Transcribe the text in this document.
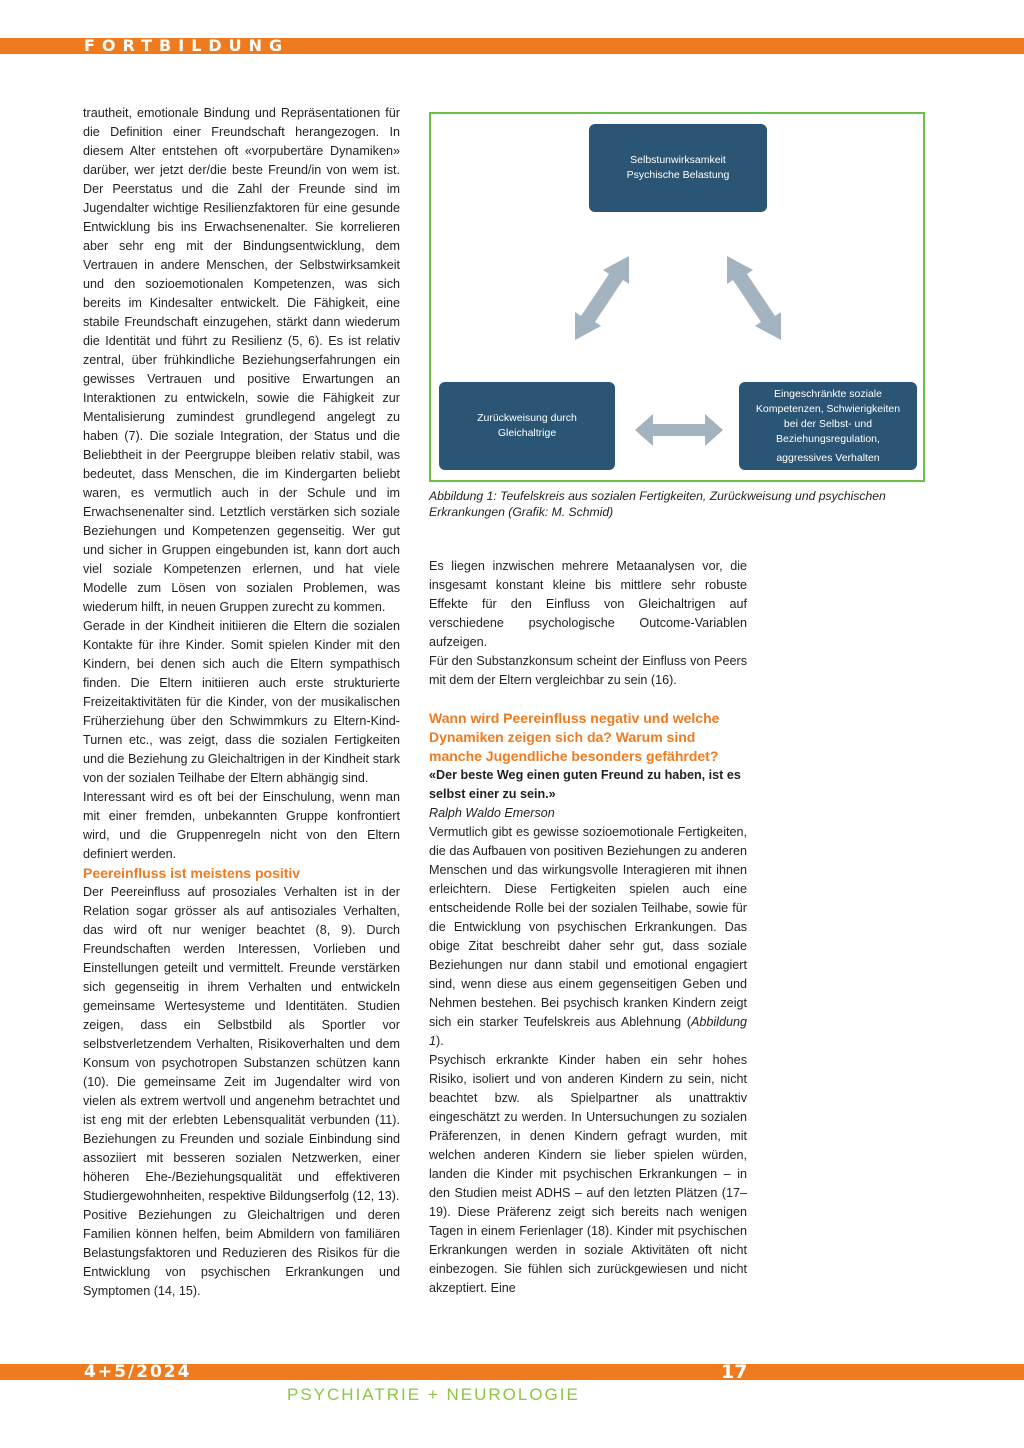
FORTBILDUNG

trautheit, emotionale Bindung und Repräsentationen für die Definition einer Freundschaft herangezogen. In diesem Alter entstehen oft «vorpubertäre Dynamiken» darüber, wer jetzt der/die beste Freund/in von wem ist. Der Peerstatus und die Zahl der Freunde sind im Jugendalter wichtige Resilienzfaktoren für eine gesunde Entwicklung bis ins Erwachsenenalter. Sie korrelieren aber sehr eng mit der Bindungsentwicklung, dem Vertrauen in andere Menschen, der Selbstwirksamkeit und den sozioemotionalen Kompetenzen, was sich bereits im Kindesalter entwickelt. Die Fähigkeit, eine stabile Freundschaft einzugehen, stärkt dann wiederum die Identität und führt zu Resilienz (5, 6). Es ist relativ zentral, über frühkindliche Beziehungserfahrungen ein gewisses Vertrauen und positive Erwartungen an Interaktionen zu entwickeln, sowie die Fähigkeit zur Mentalisierung zumindest grundlegend angelegt zu haben (7). Die soziale Integration, der Status und die Beliebtheit in der Peergruppe bleiben relativ stabil, was bedeutet, dass Menschen, die im Kindergarten beliebt waren, es vermutlich auch in der Schule und im Erwachsenenalter sind. Letztlich verstärken sich soziale Beziehungen und Kompetenzen gegenseitig. Wer gut und sicher in Gruppen eingebunden ist, kann dort auch viel soziale Kompetenzen erlernen, und hat viele Modelle zum Lösen von sozialen Problemen, was wiederum hilft, in neuen Gruppen zurecht zu kommen.

Gerade in der Kindheit initiieren die Eltern die sozialen Kontakte für ihre Kinder. Somit spielen Kinder mit den Kindern, bei denen sich auch die Eltern sympathisch finden. Die Eltern initiieren auch erste strukturierte Freizeitaktivitäten für die Kinder, von der musikalischen Früherziehung über den Schwimmkurs zu Eltern-Kind-Turnen etc., was zeigt, dass die sozialen Fertigkeiten und die Beziehung zu Gleichaltrigen in der Kindheit stark von der sozialen Teilhabe der Eltern abhängig sind.

Interessant wird es oft bei der Einschulung, wenn man mit einer fremden, unbekannten Gruppe konfrontiert wird, und die Gruppenregeln nicht von den Eltern definiert werden.

Peereinfluss ist meistens positiv

Der Peereinfluss auf prosoziales Verhalten ist in der Relation sogar grösser als auf antisoziales Verhalten, das wird oft nur weniger beachtet (8, 9). Durch Freundschaften werden Interessen, Vorlieben und Einstellungen geteilt und vermittelt. Freunde verstärken sich gegenseitig in ihrem Verhalten und entwickeln gemeinsame Wertesysteme und Identitäten. Studien zeigen, dass ein Selbstbild als Sportler vor selbstverletzendem Verhalten, Risikoverhalten und dem Konsum von psychotropen Substanzen schützen kann (10). Die gemeinsame Zeit im Jugendalter wird von vielen als extrem wertvoll und angenehm betrachtet und ist eng mit der erlebten Lebensqualität verbunden (11). Beziehungen zu Freunden und soziale Einbindung sind assoziiert mit besseren sozialen Netzwerken, einer höheren Ehe-/Beziehungsqualität und effektiveren Studiergewohnheiten, respektive Bildungserfolg (12, 13).

Positive Beziehungen zu Gleichaltrigen und deren Familien können helfen, beim Abmildern von familiären Belastungsfaktoren und Reduzieren des Risikos für die Entwicklung von psychischen Erkrankungen und Symptomen (14, 15).

Selbstunwirksamkeit
Psychische Belastung
Zurückweisung durch
Gleichaltrige
Eingeschränkte soziale
Kompetenzen, Schwierigkeiten
bei der Selbst- und
Beziehungsregulation,
aggressives Verhalten

Abbildung 1: Teufelskreis aus sozialen Fertigkeiten, Zurückweisung und psychischen Erkrankungen (Grafik: M. Schmid)

Es liegen inzwischen mehrere Metaanalysen vor, die insgesamt konstant kleine bis mittlere sehr robuste Effekte für den Einfluss von Gleichaltrigen auf verschiedene psychologische Outcome-Variablen aufzeigen.

Für den Substanzkonsum scheint der Einfluss von Peers mit dem der Eltern vergleichbar zu sein (16).

Wann wird Peereinfluss negativ und welche Dynamiken zeigen sich da? Warum sind manche Jugendliche besonders gefährdet?

«Der beste Weg einen guten Freund zu haben, ist es selbst einer zu sein.»

Ralph Waldo Emerson

Vermutlich gibt es gewisse sozioemotionale Fertigkeiten, die das Aufbauen von positiven Beziehungen zu anderen Menschen und das wirkungsvolle Interagieren mit ihnen erleichtern. Diese Fertigkeiten spielen auch eine entscheidende Rolle bei der sozialen Teilhabe, sowie für die Entwicklung von psychischen Erkrankungen. Das obige Zitat beschreibt daher sehr gut, dass soziale Beziehungen nur dann stabil und emotional engagiert sind, wenn diese aus einem gegenseitigen Geben und Nehmen bestehen. Bei psychisch kranken Kindern zeigt sich ein starker Teufelskreis aus Ablehnung (Abbildung 1).

Psychisch erkrankte Kinder haben ein sehr hohes Risiko, isoliert und von anderen Kindern zu sein, nicht beachtet bzw. als Spielpartner als unattraktiv eingeschätzt zu werden. In Untersuchungen zu sozialen Präferenzen, in denen Kindern gefragt wurden, mit welchen anderen Kindern sie lieber spielen würden, landen die Kinder mit psychischen Erkrankungen – in den Studien meist ADHS – auf den letzten Plätzen (17–19). Diese Präferenz zeigt sich bereits nach wenigen Tagen in einem Ferienlager (18). Kinder mit psychischen Erkrankungen werden in soziale Aktivitäten oft nicht einbezogen. Sie fühlen sich zurückgewiesen und nicht akzeptiert. Eine

4+5/2024	17

PSYCHIATRIE + NEUROLOGIE
